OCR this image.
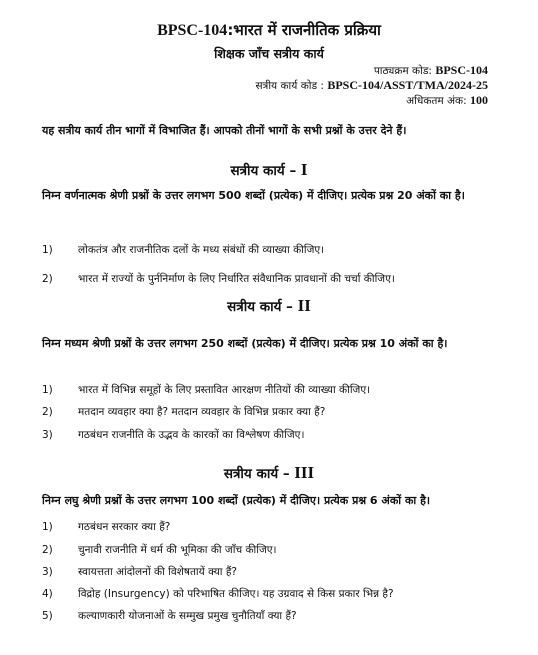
BPSC-104:भारत में राजनीतिक प्रक्रिया
शिक्षक जाँच सत्रीय कार्य
पाठ्यक्रम कोड: BPSC-104
सत्रीय कार्य कोड : BPSC-104/ASST/TMA/2024-25
अधिकतम अंक: 100
यह सत्रीय कार्य तीन भागों में विभाजित हैं। आपको तीनों भागों के सभी प्रश्नों के उत्तर देने हैं।
सत्रीय कार्य – I
निम्न वर्णनात्मक श्रेणी प्रश्नों के उत्तर लगभग 500 शब्दों (प्रत्येक) में दीजिए। प्रत्येक प्रश्न 20 अंकों का है।
1) लोकतंत्र और राजनीतिक दलों के मध्य संबंधों की व्याख्या कीजिए।
2) भारत में राज्यों के पुर्ननिर्माण के लिए निर्धारित संवैधानिक प्रावधानों की चर्चा कीजिए।
सत्रीय कार्य – II
निम्न मध्यम श्रेणी प्रश्नों के उत्तर लगभग 250 शब्दों (प्रत्येक) में दीजिए। प्रत्येक प्रश्न 10 अंकों का है।
1) भारत में विभिन्न समूहों के लिए प्रस्तावित आरक्षण नीतियों की व्याख्या कीजिए।
2) मतदान व्यवहार क्या है? मतदान व्यवहार के विभिन्न प्रकार क्या हैं?
3) गठबंधन राजनीति के उद्भव के कारकों का विश्लेषण कीजिए।
सत्रीय कार्य – III
निम्न लघु श्रेणी प्रश्नों के उत्तर लगभग 100 शब्दों (प्रत्येक) में दीजिए। प्रत्येक प्रश्न 6 अंकों का है।
1) गठबंधन सरकार क्या हैं?
2) चुनावी राजनीति में धर्म की भूमिका की जाँच कीजिए।
3) स्वायत्तता आंदोलनों की विशेषतायें क्या हैं?
4) विद्रोह (Insurgency) को परिभाषित कीजिए। यह उग्रवाद से किस प्रकार भिन्न है?
5) कल्याणकारी योजनाओं के सम्मुख प्रमुख चुनौतियाँ क्या हैं?
